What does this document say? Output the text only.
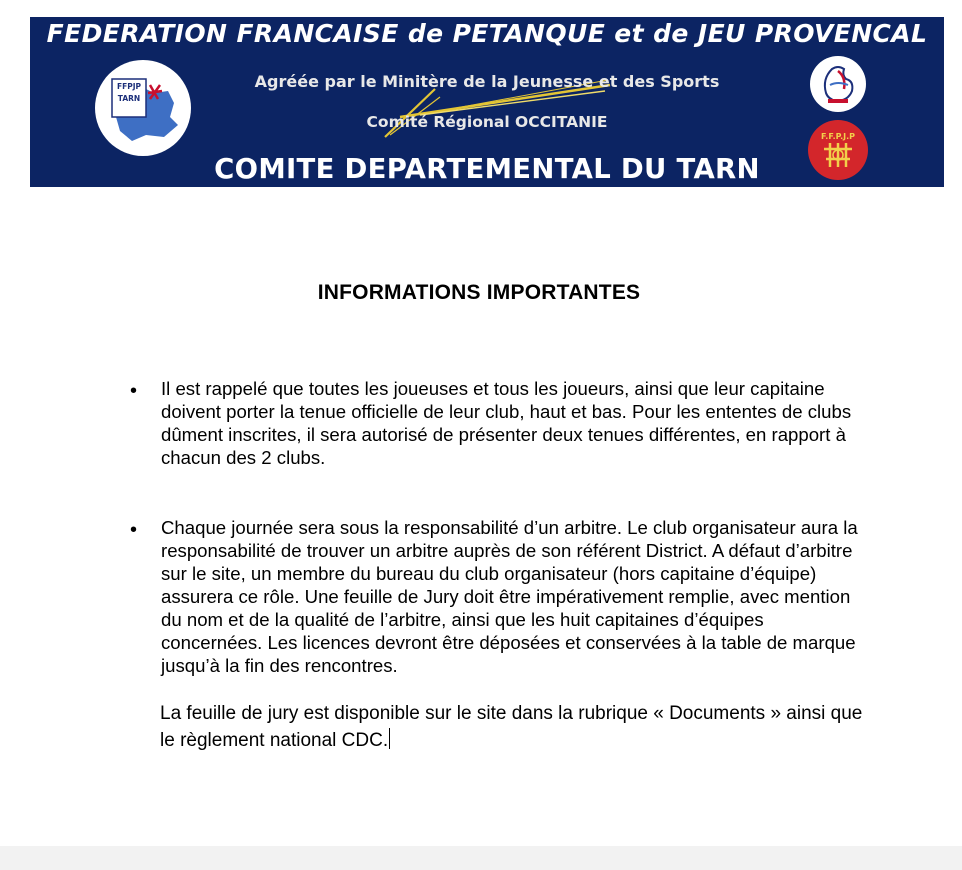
FEDERATION FRANCAISE de PETANQUE et de JEU PROVENCAL
Agréée par le Minitère de la Jeunesse et des Sports
Comité Régional OCCITANIE
COMITE DEPARTEMENTAL DU TARN
FFPJP
TARN
F.F.P.J.P
INFORMATIONS IMPORTANTES
• Il est rappelé que toutes les joueuses et tous les joueurs, ainsi que leur capitaine doivent porter la tenue officielle de leur club, haut et bas. Pour les ententes de clubs dûment inscrites, il sera autorisé de présenter deux tenues différentes, en rapport à chacun des 2 clubs.

• Chaque journée sera sous la responsabilité d’un arbitre. Le club organisateur aura la responsabilité de trouver un arbitre auprès de son référent District. A défaut d’arbitre sur le site, un membre du bureau du club organisateur (hors capitaine d’équipe) assurera ce rôle. Une feuille de Jury doit être impérativement remplie, avec mention du nom et de la qualité de l’arbitre, ainsi que les huit capitaines d’équipes concernées. Les licences devront être déposées et conservées à la table de marque jusqu’à la fin des rencontres.

La feuille de jury est disponible sur le site dans la rubrique « Documents » ainsi que le règlement national CDC.
